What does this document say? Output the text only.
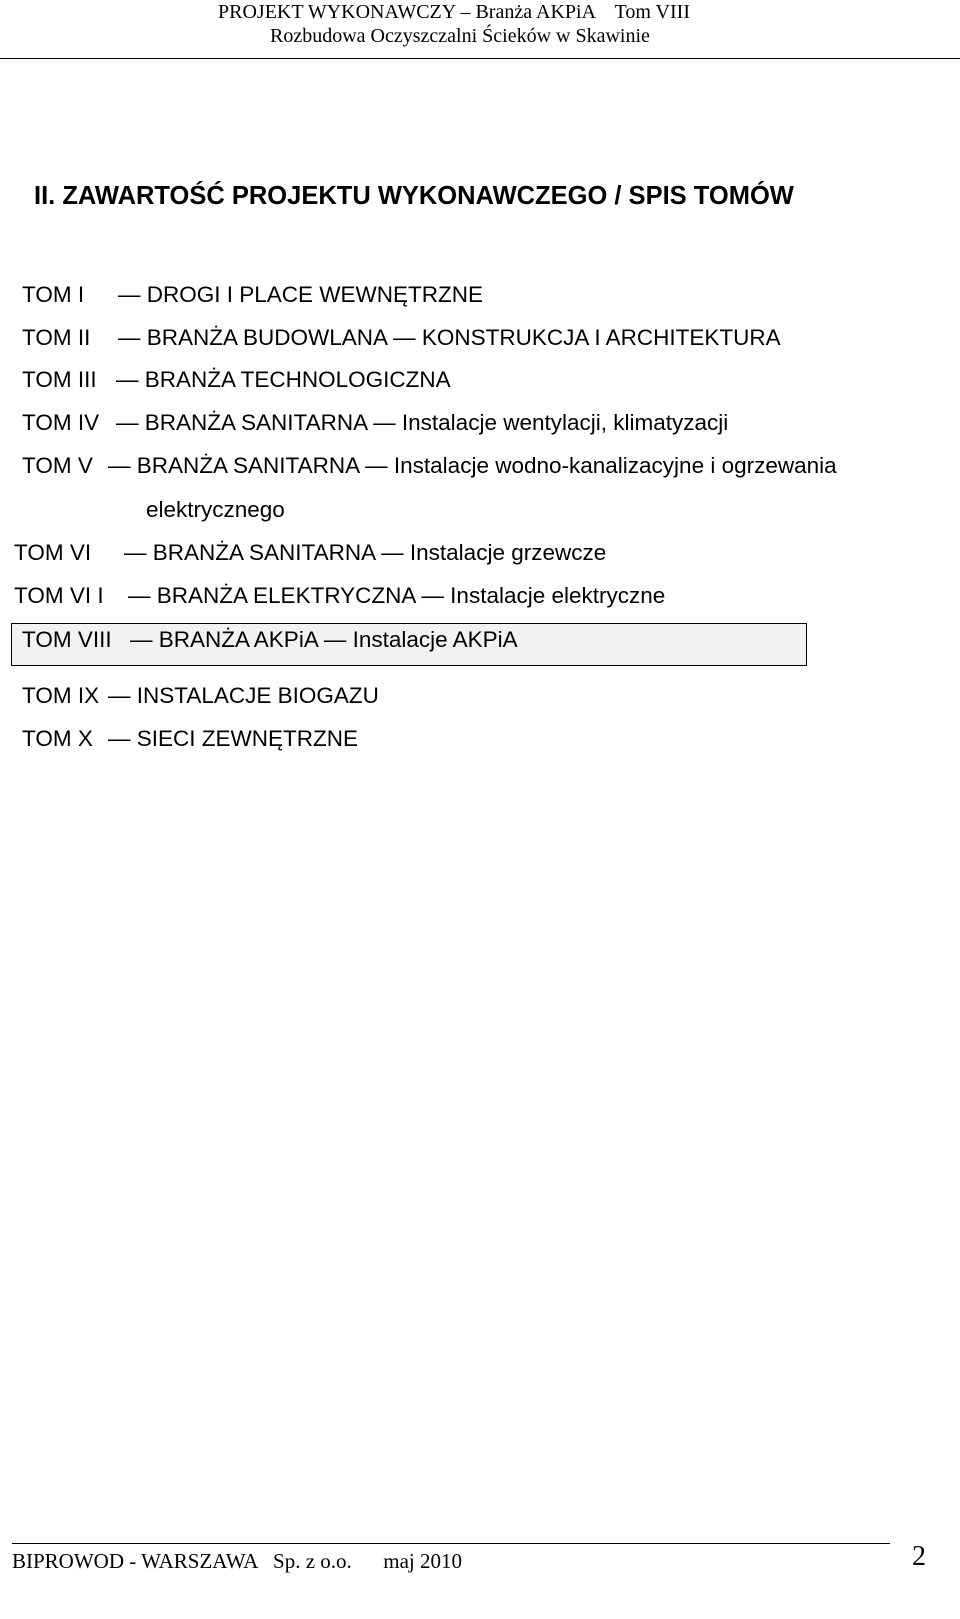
PROJEKT WYKONAWCZY – Branża AKPiA    Tom VIII
Rozbudowa Oczyszczalni Ścieków w Skawinie
II. ZAWARTOŚĆ PROJEKTU WYKONAWCZEGO / SPIS TOMÓW
TOM I — DROGI I PLACE WEWNĘTRZNE
TOM II — BRANŻA BUDOWLANA — KONSTRUKCJA I ARCHITEKTURA
TOM III — BRANŻA TECHNOLOGICZNA
TOM IV — BRANŻA SANITARNA — Instalacje wentylacji, klimatyzacji
TOM V — BRANŻA SANITARNA — Instalacje wodno-kanalizacyjne i ogrzewania
elektrycznego
TOM VI — BRANŻA SANITARNA — Instalacje grzewcze
TOM VI I — BRANŻA ELEKTRYCZNA — Instalacje elektryczne
TOM VIII — BRANŻA AKPiA — Instalacje AKPiA
TOM IX — INSTALACJE BIOGAZU
TOM X — SIECI ZEWNĘTRZNE
BIPROWOD - WARSZAWA   Sp. z o.o.      maj 2010	2
